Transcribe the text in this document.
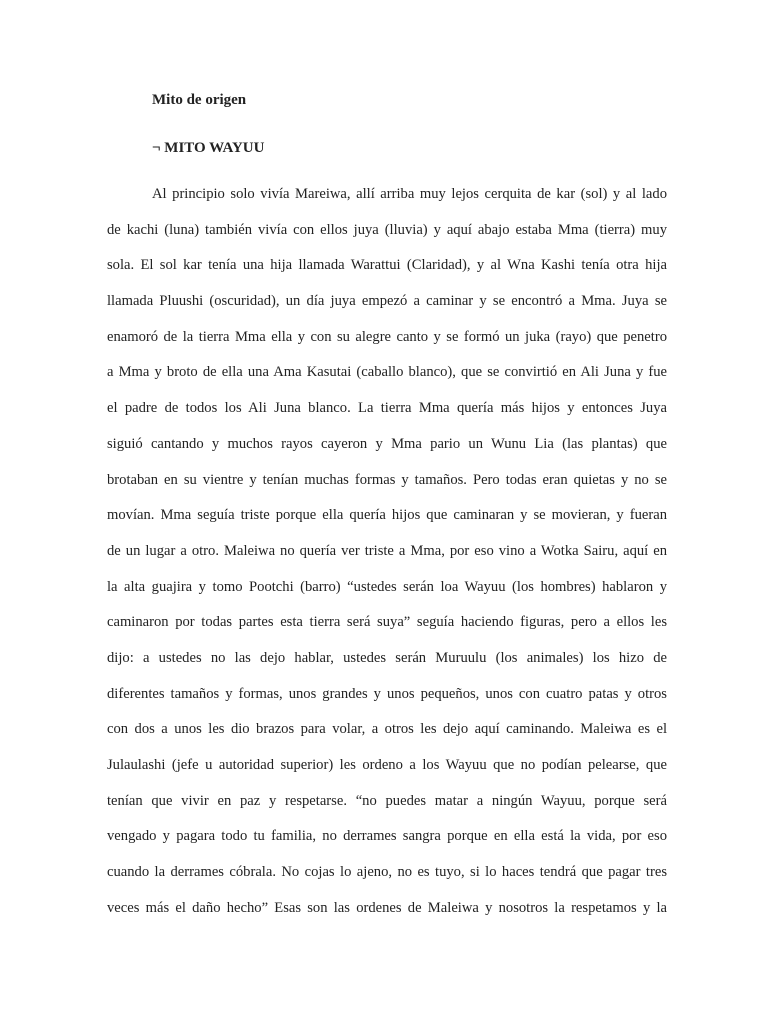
Mito de origen
¬ MITO WAYUU
Al principio solo vivía Mareiwa, allí arriba muy lejos cerquita de kar (sol) y al lado
de kachi (luna) también vivía con ellos juya (lluvia) y aquí abajo estaba Mma (tierra) muy
sola. El sol kar tenía una hija llamada Warattui (Claridad), y al Wna Kashi tenía otra hija
llamada Pluushi (oscuridad), un día juya empezó a caminar y se encontró a Mma. Juya se
enamoró de la tierra Mma ella y con su alegre canto y se formó un juka (rayo) que penetro
a Mma y broto de ella una Ama Kasutai (caballo blanco), que se convirtió en Ali Juna y fue
el padre de todos los Ali Juna blanco. La tierra Mma quería más hijos y entonces Juya
siguió cantando y muchos rayos cayeron y Mma pario un Wunu Lia (las plantas) que
brotaban en su vientre y tenían muchas formas y tamaños. Pero todas eran quietas y no se
movían. Mma seguía triste porque ella quería hijos que caminaran y se movieran, y fueran
de un lugar a otro. Maleiwa no quería ver triste a Mma, por eso vino a Wotka Sairu, aquí en
la alta guajira y tomo Pootchi (barro) “ustedes serán loa Wayuu (los hombres) hablaron y
caminaron por todas partes esta tierra será suya” seguía haciendo figuras, pero a ellos les
dijo: a ustedes no las dejo hablar, ustedes serán Muruulu (los animales) los hizo de
diferentes tamaños y formas, unos grandes y unos pequeños, unos con cuatro patas y otros
con dos a unos les dio brazos para volar, a otros les dejo aquí caminando. Maleiwa es el
Julaulashi (jefe u autoridad superior) les ordeno a los Wayuu que no podían pelearse, que
tenían que vivir en paz y respetarse. “no puedes matar a ningún Wayuu, porque será
vengado y pagara todo tu familia, no derrames sangra porque en ella está la vida, por eso
cuando la derrames cóbrala. No cojas lo ajeno, no es tuyo, si lo haces tendrá que pagar tres
veces más el daño hecho” Esas son las ordenes de Maleiwa y nosotros la respetamos y la
